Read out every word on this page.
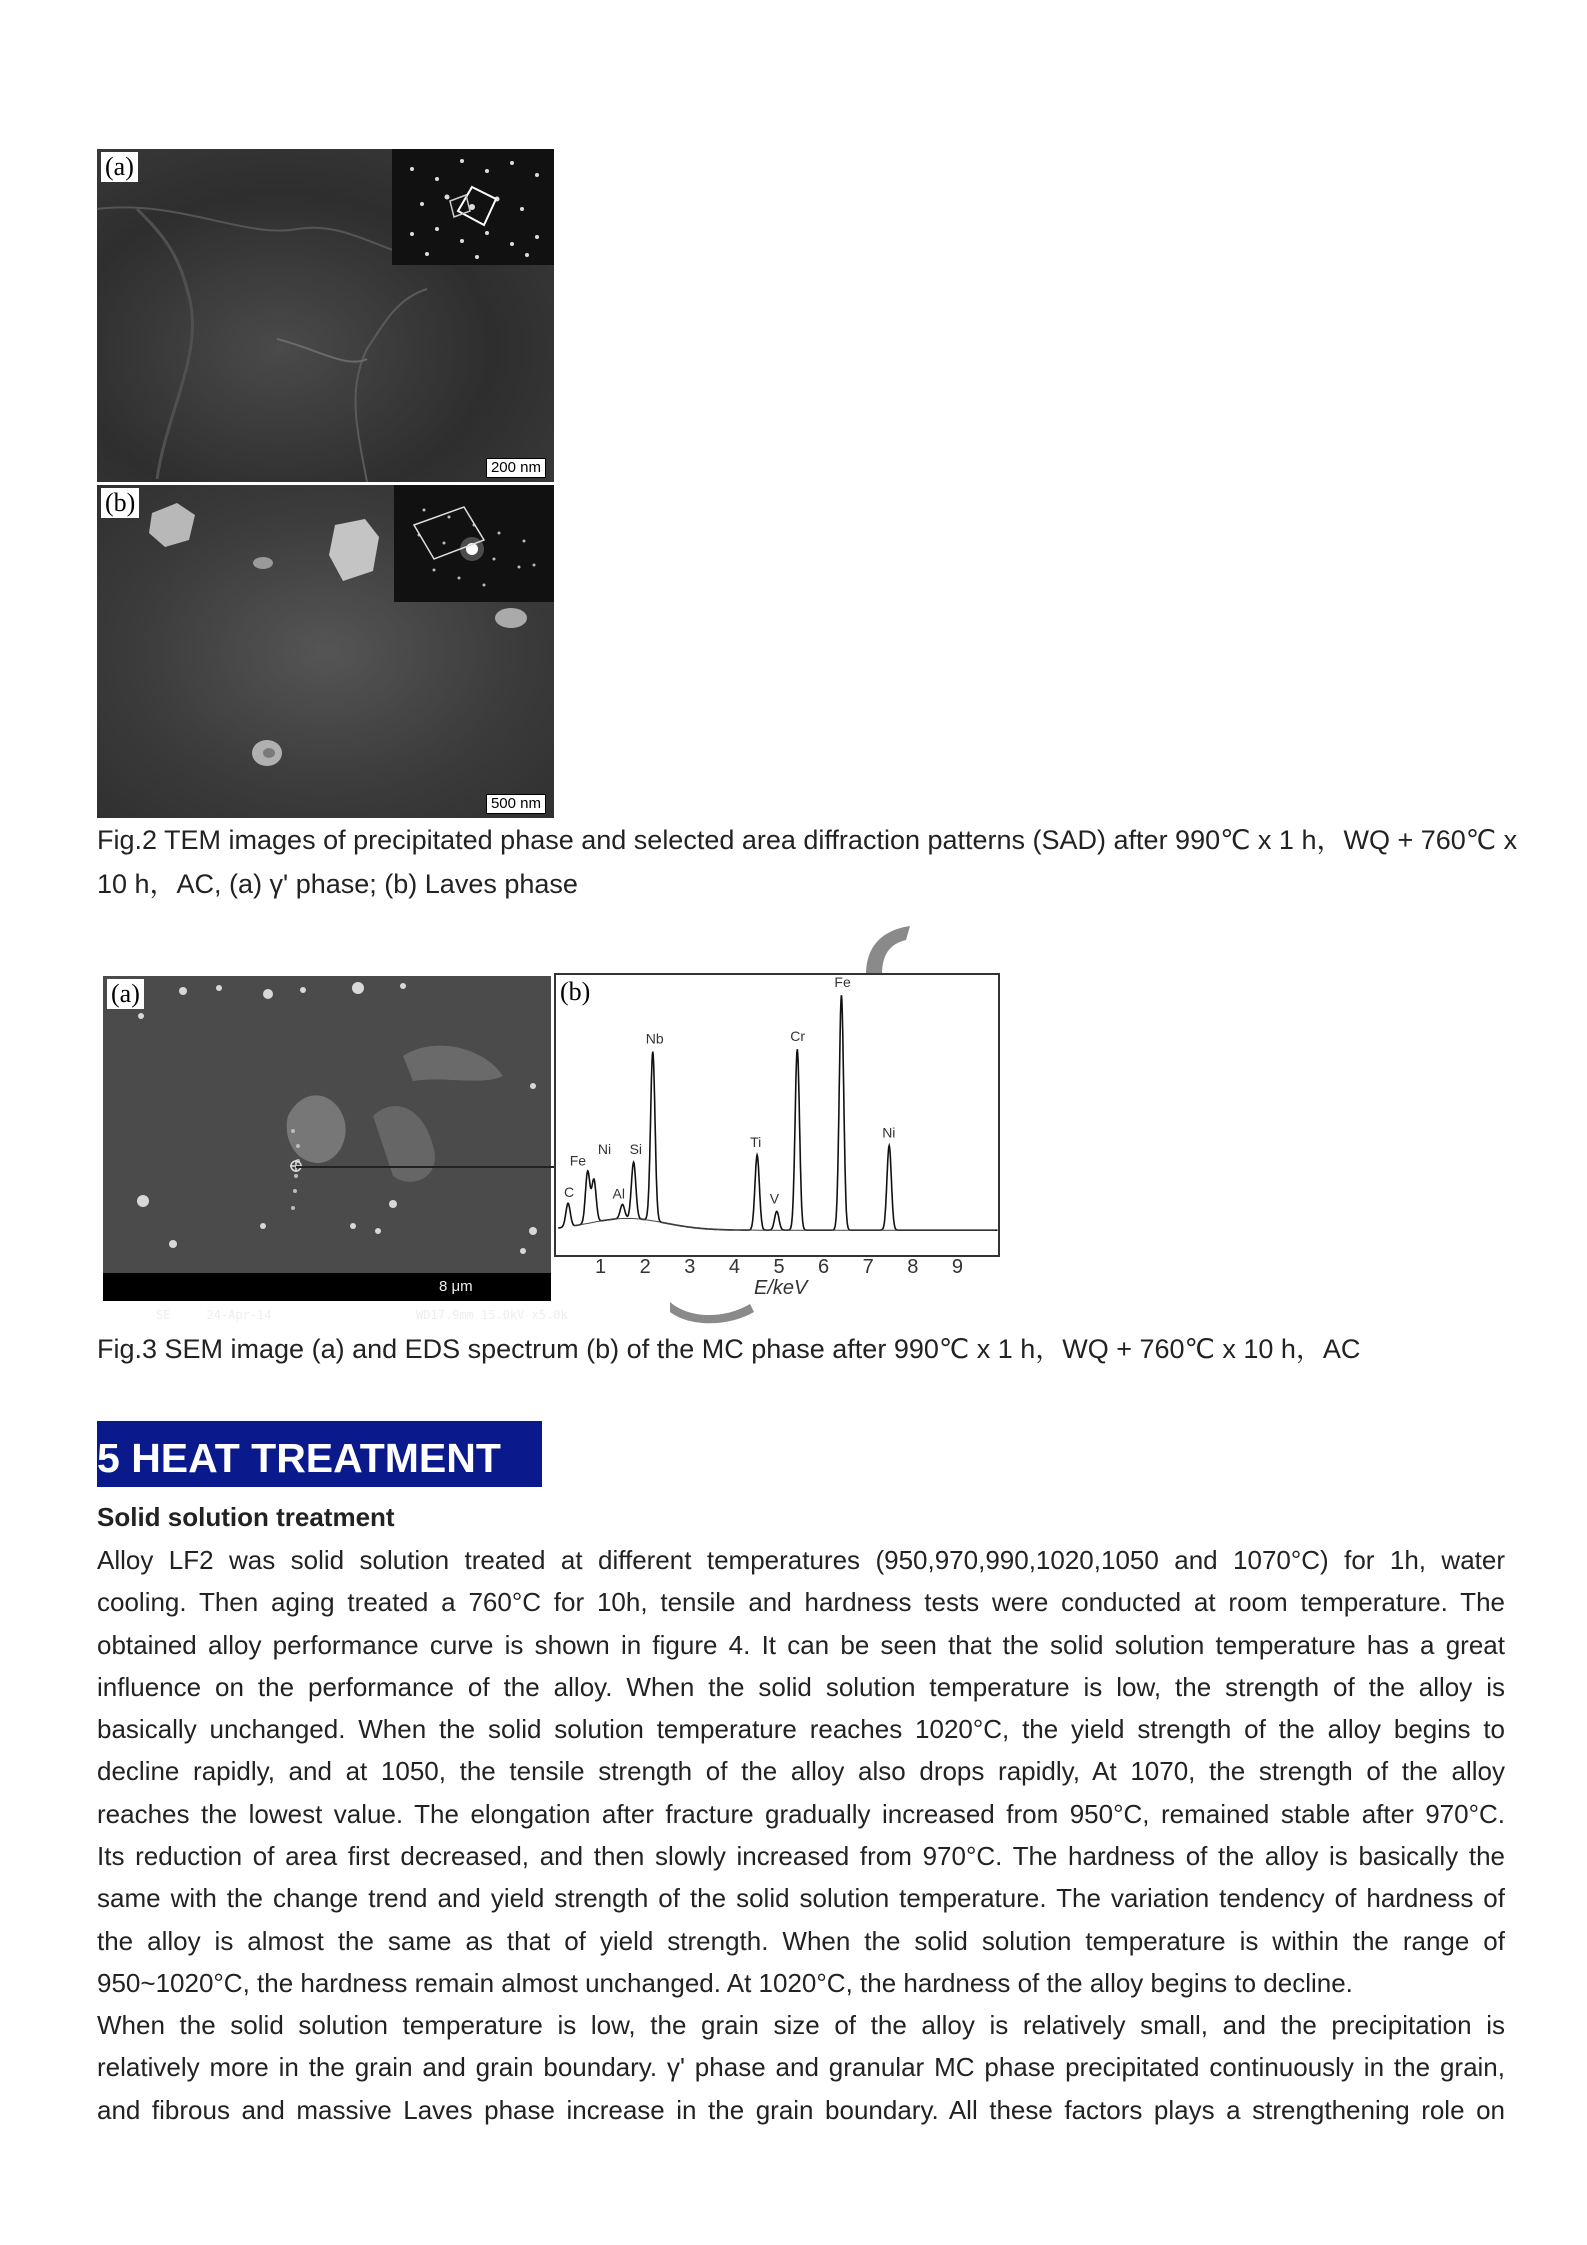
(a)
200 nm
(b)
500 nm
Fig.2 TEM images of precipitated phase and selected area diffraction patterns (SAD) after 990℃ x 1 h，WQ + 760℃ x
10 h，AC, (a) γ' phase; (b) Laves phase
(a)

SE     24-Apr-14                    WD17.9mm 15.0kV x5.0k

8 μm

(b)
C
Ni
Fe
Al
Si
Nb
Ti
V
Cr
Fe
Ni
1 2 3 4 5 6 7 8 9
E/keV
Fig.3 SEM image (a) and EDS spectrum (b) of the MC phase after 990℃ x 1 h，WQ + 760℃ x 10 h，AC
5 HEAT TREATMENT
Solid solution treatment
Alloy LF2 was solid solution treated at different temperatures (950,970,990,1020,1050 and 1070°C) for 1h, water
cooling. Then aging treated a 760°C for 10h, tensile and hardness tests were conducted at room temperature. The
obtained alloy performance curve is shown in figure 4. It can be seen that the solid solution temperature has a great
influence on the performance of the alloy. When the solid solution temperature is low, the strength of the alloy is
basically unchanged. When the solid solution temperature reaches 1020°C, the yield strength of the alloy begins to
decline rapidly, and at 1050, the tensile strength of the alloy also drops rapidly, At 1070, the strength of the alloy
reaches the lowest value. The elongation after fracture gradually increased from 950°C, remained stable after 970°C.
Its reduction of area first decreased, and then slowly increased from 970°C. The hardness of the alloy is basically the
same with the change trend and yield strength of the solid solution temperature. The variation tendency of hardness of
the alloy is almost the same as that of yield strength. When the solid solution temperature is within the range of
950~1020°C, the hardness remain almost unchanged. At 1020°C, the hardness of the alloy begins to decline.
When the solid solution temperature is low, the grain size of the alloy is relatively small, and the precipitation is
relatively more in the grain and grain boundary. γ' phase and granular MC phase precipitated continuously in the grain,
and fibrous and massive Laves phase increase in the grain boundary. All these factors plays a strengthening role on
